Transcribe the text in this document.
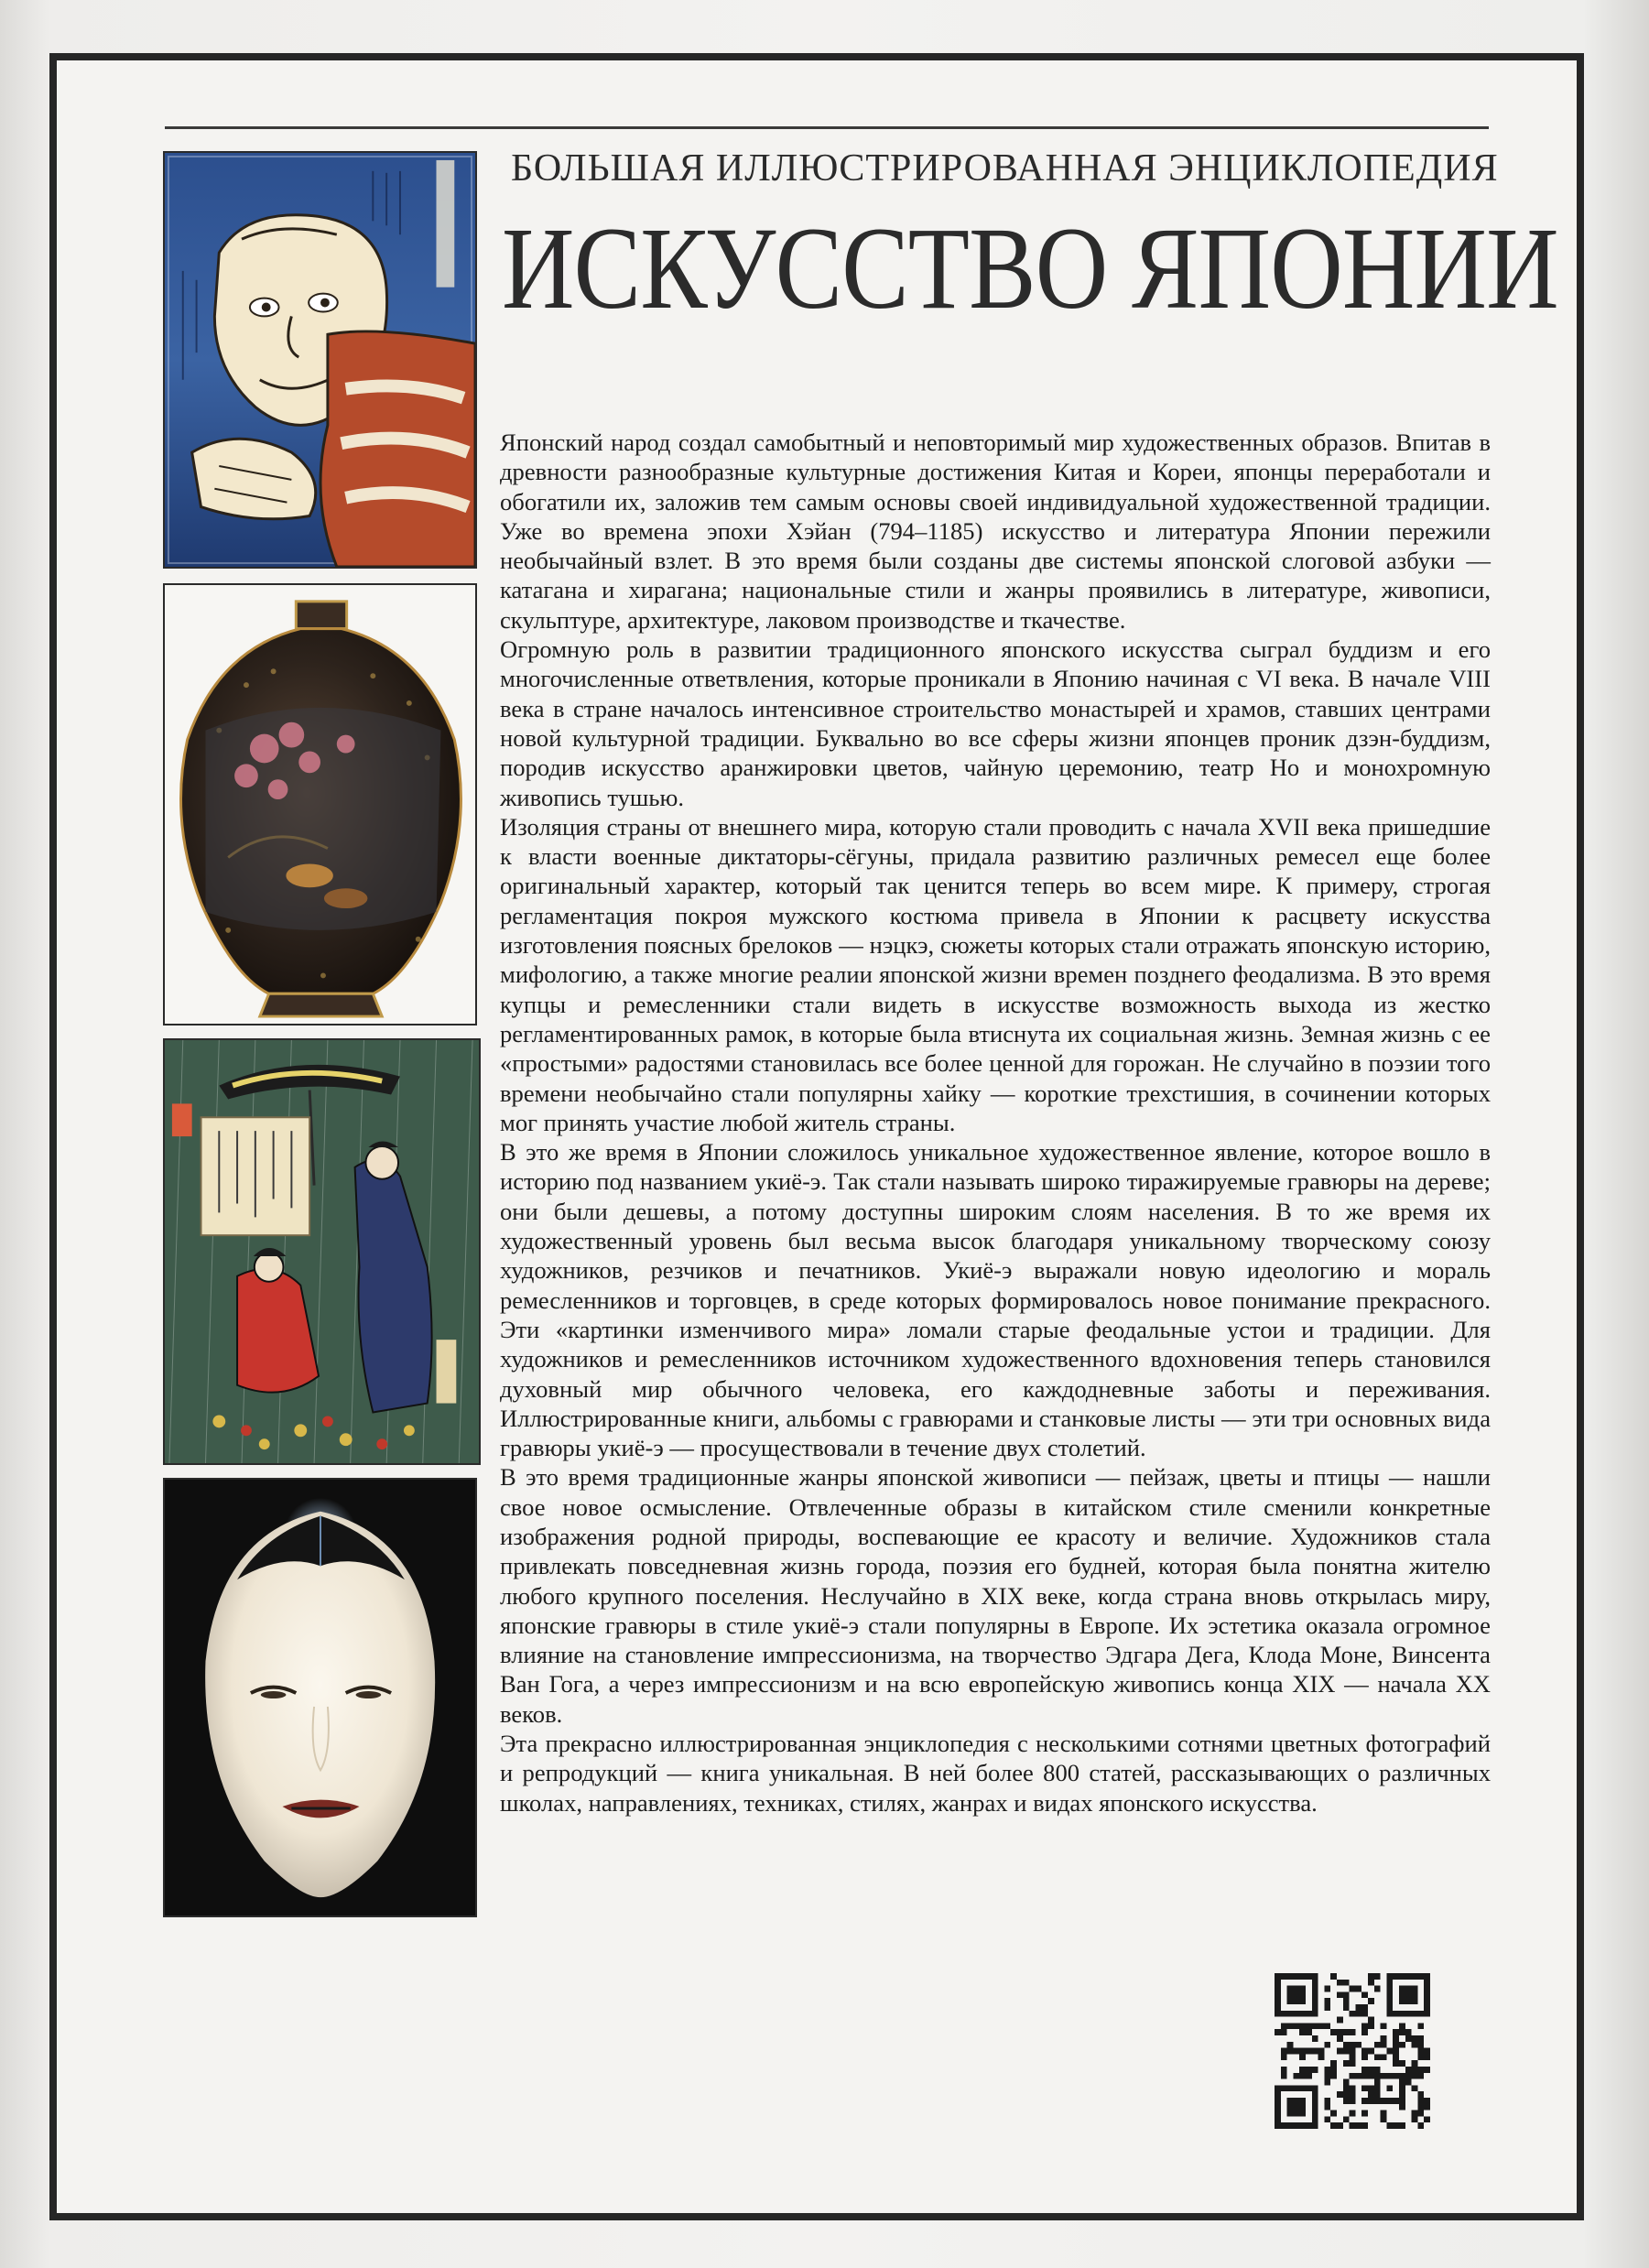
БОЛЬШАЯ ИЛЛЮСТРИРОВАННАЯ ЭНЦИКЛОПЕДИЯ
ИСКУССТВО ЯПОНИИ

Японский народ создал самобытный и неповторимый мир художественных образов. Впитав в древности разнообразные культурные достижения Китая и Кореи, японцы переработали и обогатили их, заложив тем самым основы своей индивидуальной художественной традиции. Уже во времена эпохи Хэйан (794–1185) искусство и литература Японии пережили необычайный взлет. В это время были созданы две системы японской слоговой азбуки — катагана и хирагана; национальные стили и жанры проявились в литературе, живописи, скульптуре, архитектуре, лаковом производстве и ткачестве.

Огромную роль в развитии традиционного японского искусства сыграл буддизм и его многочисленные ответвления, которые проникали в Японию начиная с VI века. В начале VIII века в стране началось интенсивное строительство монастырей и храмов, ставших центрами новой культурной традиции. Буквально во все сферы жизни японцев проник дзэн-буддизм, породив искусство аранжировки цветов, чайную церемонию, театр Но и монохромную живопись тушью.

Изоляция страны от внешнего мира, которую стали проводить с начала XVII века пришедшие к власти военные диктаторы-сёгуны, придала развитию различных ремесел еще более оригинальный характер, который так ценится теперь во всем мире. К примеру, строгая регламентация покроя мужского костюма привела в Японии к расцвету искусства изготовления поясных брелоков — нэцкэ, сюжеты которых стали отражать японскую историю, мифологию, а также многие реалии японской жизни времен позднего феодализма. В это время купцы и ремесленники стали видеть в искусстве возможность выхода из жестко регламентированных рамок, в которые была втиснута их социальная жизнь. Земная жизнь с ее «простыми» радостями становилась все более ценной для горожан. Не случайно в поэзии того времени необычайно стали популярны хайку — короткие трехстишия, в сочинении которых мог принять участие любой житель страны.

В это же время в Японии сложилось уникальное художественное явление, которое вошло в историю под названием укиё-э. Так стали называть широко тиражируемые гравюры на дереве; они были дешевы, а потому доступны широким слоям населения. В то же время их художественный уровень был весьма высок благодаря уникальному творческому союзу художников, резчиков и печатников. Укиё-э выражали новую идеологию и мораль ремесленников и торговцев, в среде которых формировалось новое понимание прекрасного. Эти «картинки изменчивого мира» ломали старые феодальные устои и традиции. Для художников и ремесленников источником художественного вдохновения теперь становился духовный мир обычного человека, его каждодневные заботы и переживания. Иллюстрированные книги, альбомы с гравюрами и станковые листы — эти три основных вида гравюры укиё-э — просуществовали в течение двух столетий.

В это время традиционные жанры японской живописи — пейзаж, цветы и птицы — нашли свое новое осмысление. Отвлеченные образы в китайском стиле сменили конкретные изображения родной природы, воспевающие ее красоту и величие. Художников стала привлекать повседневная жизнь города, поэзия его будней, которая была понятна жителю любого крупного поселения. Неслучайно в XIX веке, когда страна вновь открылась миру, японские гравюры в стиле укиё-э стали популярны в Европе. Их эстетика оказала огромное влияние на становление импрессионизма, на творчество Эдгара Дега, Клода Моне, Винсента Ван Гога, а через импрессионизм и на всю европейскую живопись конца XIX — начала XX веков.

Эта прекрасно иллюстрированная энциклопедия с несколькими сотнями цветных фотографий и репродукций — книга уникальная. В ней более 800 статей, рассказывающих о различных школах, направлениях, техниках, стилях, жанрах и видах японского искусства.
